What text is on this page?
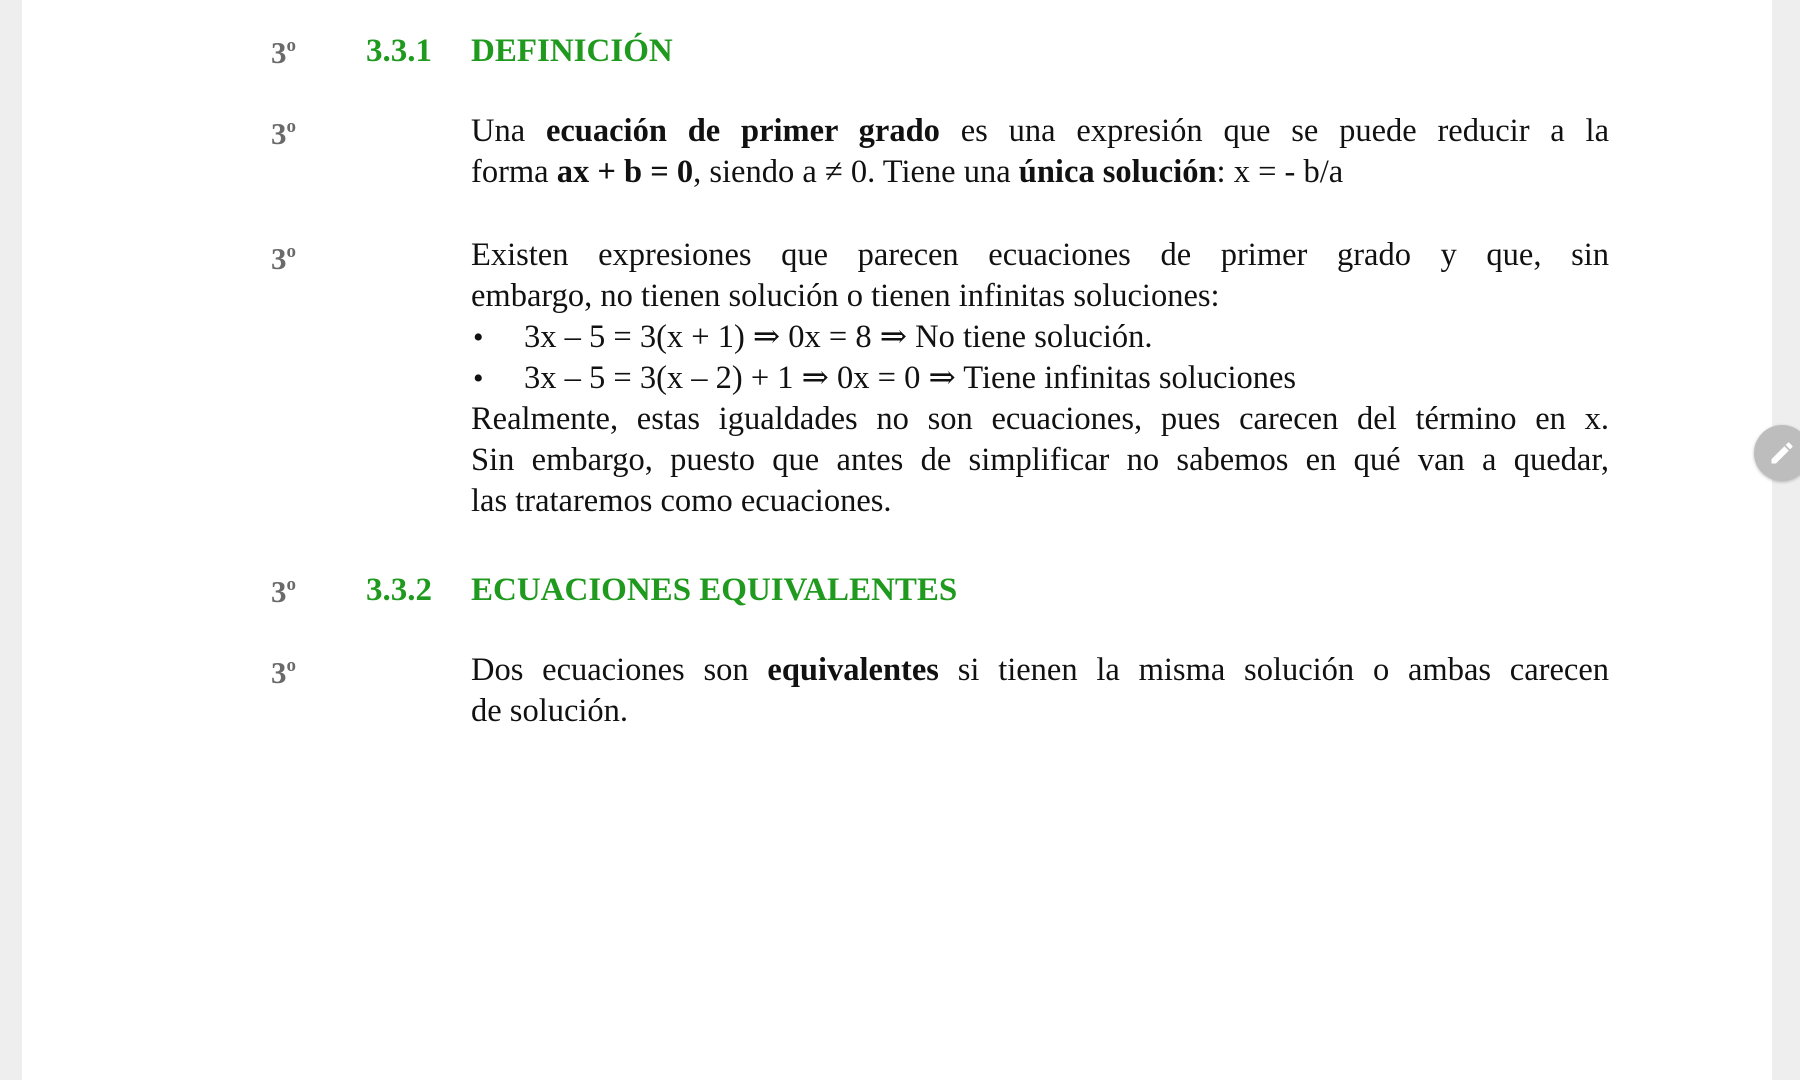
3$^o$ 3.3.1 DEFINICIÓN
3$^o$	Una ecuación de primer grado es una expresión que se puede reducir a la
forma ax + b = 0, siendo a ≠ 0. Tiene una única solución: x = - b/a
3$^o$	Existen expresiones que parecen ecuaciones de primer grado y que, sin
embargo, no tienen solución o tienen infinitas soluciones:
• 3x – 5 = 3(x + 1) ⇒ 0x = 8 ⇒ No tiene solución.
• 3x – 5 = 3(x – 2) + 1 ⇒ 0x = 0 ⇒ Tiene infinitas soluciones
Realmente, estas igualdades no son ecuaciones, pues carecen del término en x.
Sin embargo, puesto que antes de simplificar no sabemos en qué van a quedar,
las trataremos como ecuaciones.
3$^o$ 3.3.2 ECUACIONES EQUIVALENTES
3$^o$	Dos ecuaciones son equivalentes si tienen la misma solución o ambas carecen
de solución.
